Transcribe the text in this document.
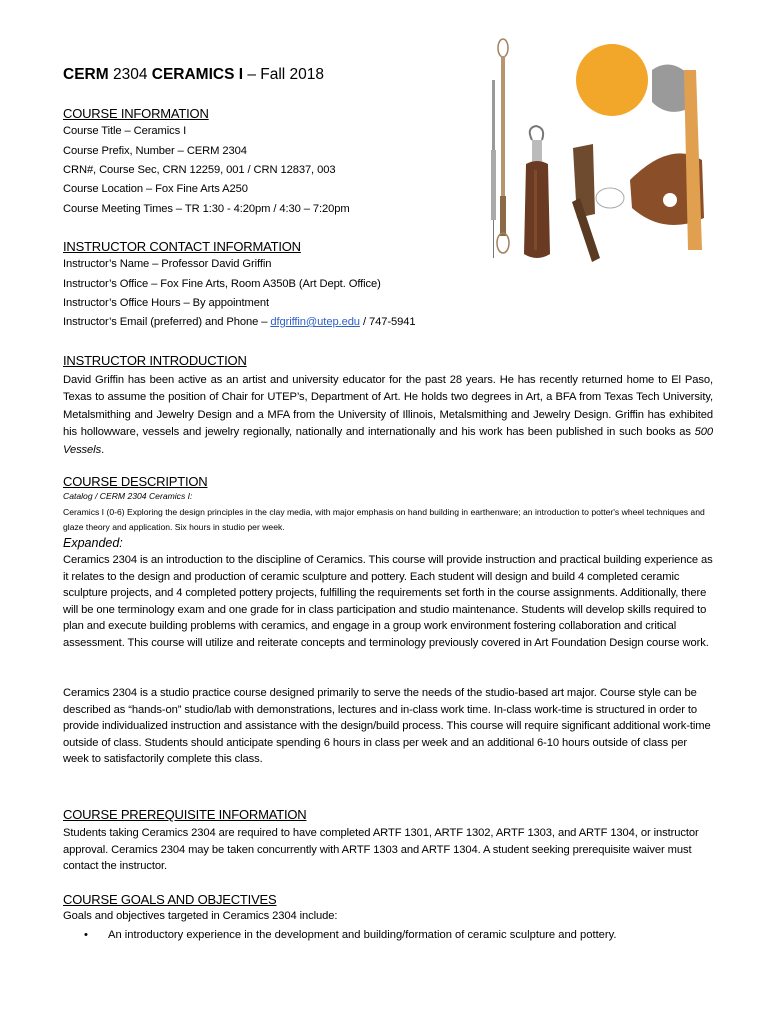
CERM 2304 CERAMICS I – Fall 2018
COURSE INFORMATION
Course Title – Ceramics I
Course Prefix, Number – CERM 2304
CRN#, Course Sec, CRN 12259, 001 / CRN 12837, 003
Course Location – Fox Fine Arts A250
Course Meeting Times – TR 1:30 - 4:20pm / 4:30 – 7:20pm
INSTRUCTOR CONTACT INFORMATION
Instructor’s Name – Professor David Griffin
Instructor’s Office – Fox Fine Arts, Room A350B (Art Dept. Office)
Instructor’s Office Hours – By appointment
Instructor’s Email (preferred) and Phone – dfgriffin@utep.edu / 747-5941
INSTRUCTOR INTRODUCTION
David Griffin has been active as an artist and university educator for the past 28 years. He has recently returned home to El Paso, Texas to assume the position of Chair for UTEP’s, Department of Art. He holds two degrees in Art, a BFA from Texas Tech University, Metalsmithing and Jewelry Design and a MFA from the University of Illinois, Metalsmithing and Jewelry Design. Griffin has exhibited his hollowware, vessels and jewelry regionally, nationally and internationally and his work has been published in such books as 500 Vessels.
COURSE DESCRIPTION
Catalog / CERM 2304 Ceramics I:
Ceramics I (0-6) Exploring the design principles in the clay media, with major emphasis on hand building in earthenware; an introduction to potter's wheel techniques and glaze theory and application. Six hours in studio per week.
Expanded:
Ceramics 2304 is an introduction to the discipline of Ceramics. This course will provide instruction and practical building experience as it relates to the design and production of ceramic sculpture and pottery. Each student will design and build 4 completed ceramic sculpture projects, and 4 completed pottery projects, fulfilling the requirements set forth in the course assignments. Additionally, there will be one terminology exam and one grade for in class participation and studio maintenance. Students will develop skills required to plan and execute building problems with ceramics, and engage in a group work environment fostering collaboration and critical assessment. This course will utilize and reiterate concepts and terminology previously covered in Art Foundation Design course work.
Ceramics 2304 is a studio practice course designed primarily to serve the needs of the studio-based art major. Course style can be described as “hands-on” studio/lab with demonstrations, lectures and in-class work time. In-class work-time is structured in order to provide individualized instruction and assistance with the design/build process. This course will require significant additional work-time outside of class. Students should anticipate spending 6 hours in class per week and an additional 6-10 hours outside of class per week to satisfactorily complete this class.
COURSE PREREQUISITE INFORMATION
Students taking Ceramics 2304 are required to have completed ARTF 1301, ARTF 1302, ARTF 1303, and ARTF 1304, or instructor approval. Ceramics 2304 may be taken concurrently with ARTF 1303 and ARTF 1304. A student seeking prerequisite waiver must contact the instructor.
COURSE GOALS AND OBJECTIVES
Goals and objectives targeted in Ceramics 2304 include:
• An introductory experience in the development and building/formation of ceramic sculpture and pottery.
